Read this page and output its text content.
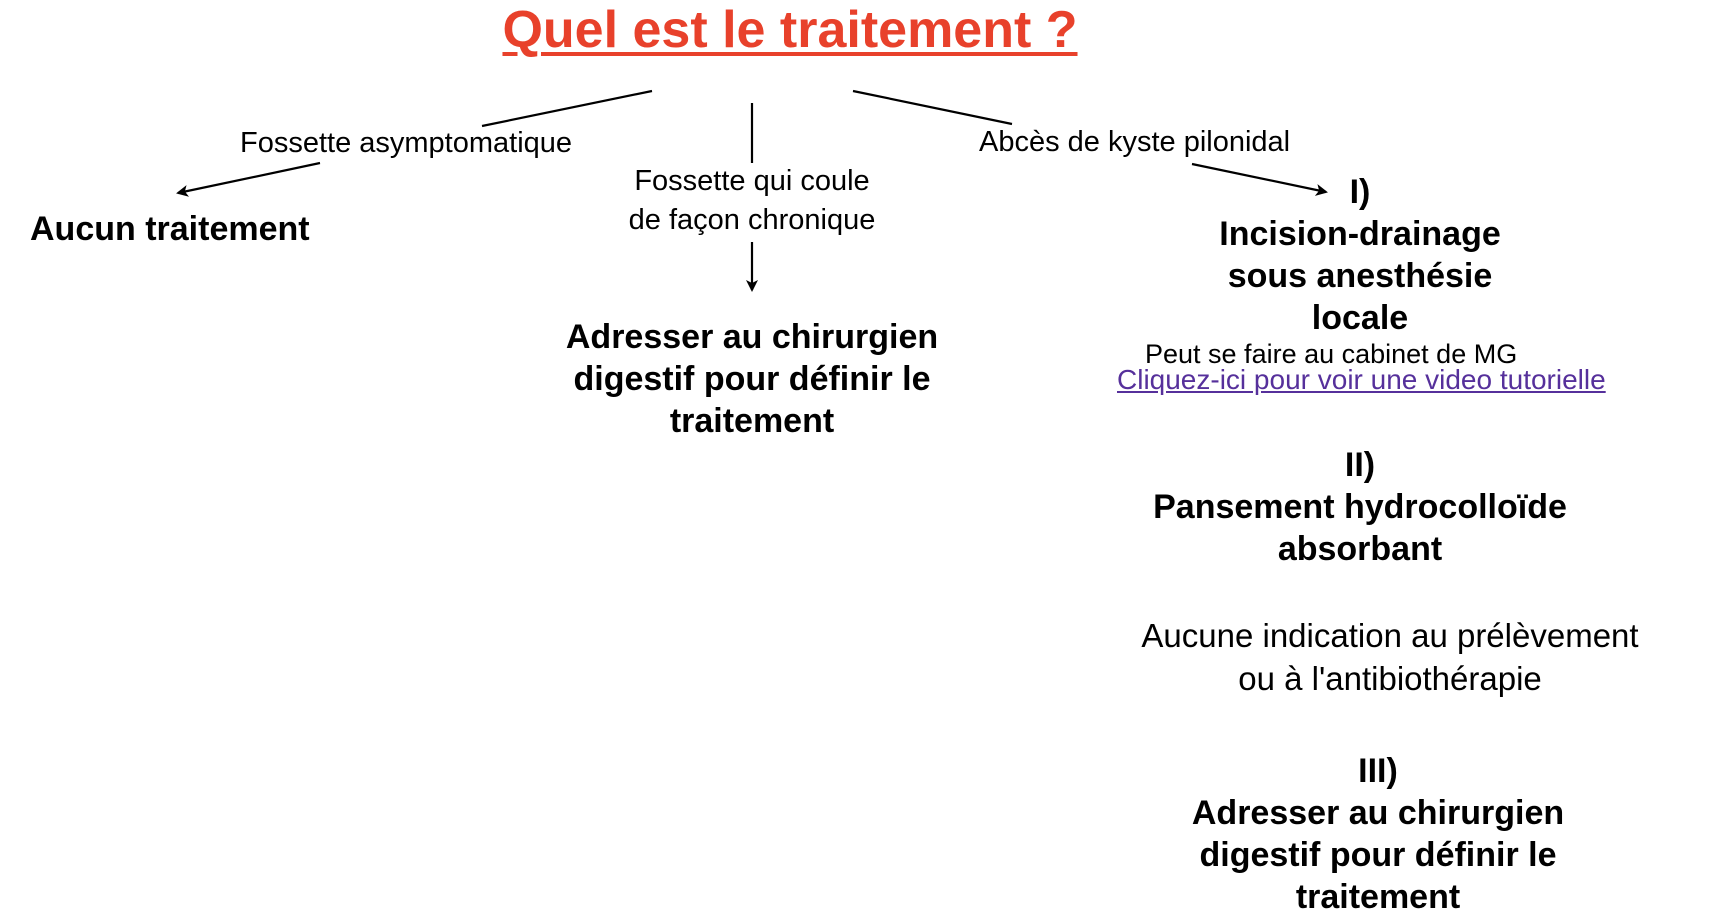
Quel est le traitement ?
Fossette asymptomatique
Aucun traitement
Fossette qui coule
de façon chronique
Adresser au chirurgien
digestif pour définir le
traitement
Abcès de kyste pilonidal
I)
Incision-drainage
sous anesthésie
locale
Peut se faire au cabinet de MG
Cliquez-ici pour voir une video tutorielle
II)
Pansement hydrocolloïde
absorbant
Aucune indication au prélèvement
ou à l'antibiothérapie
III)
Adresser au chirurgien
digestif pour définir le
traitement
